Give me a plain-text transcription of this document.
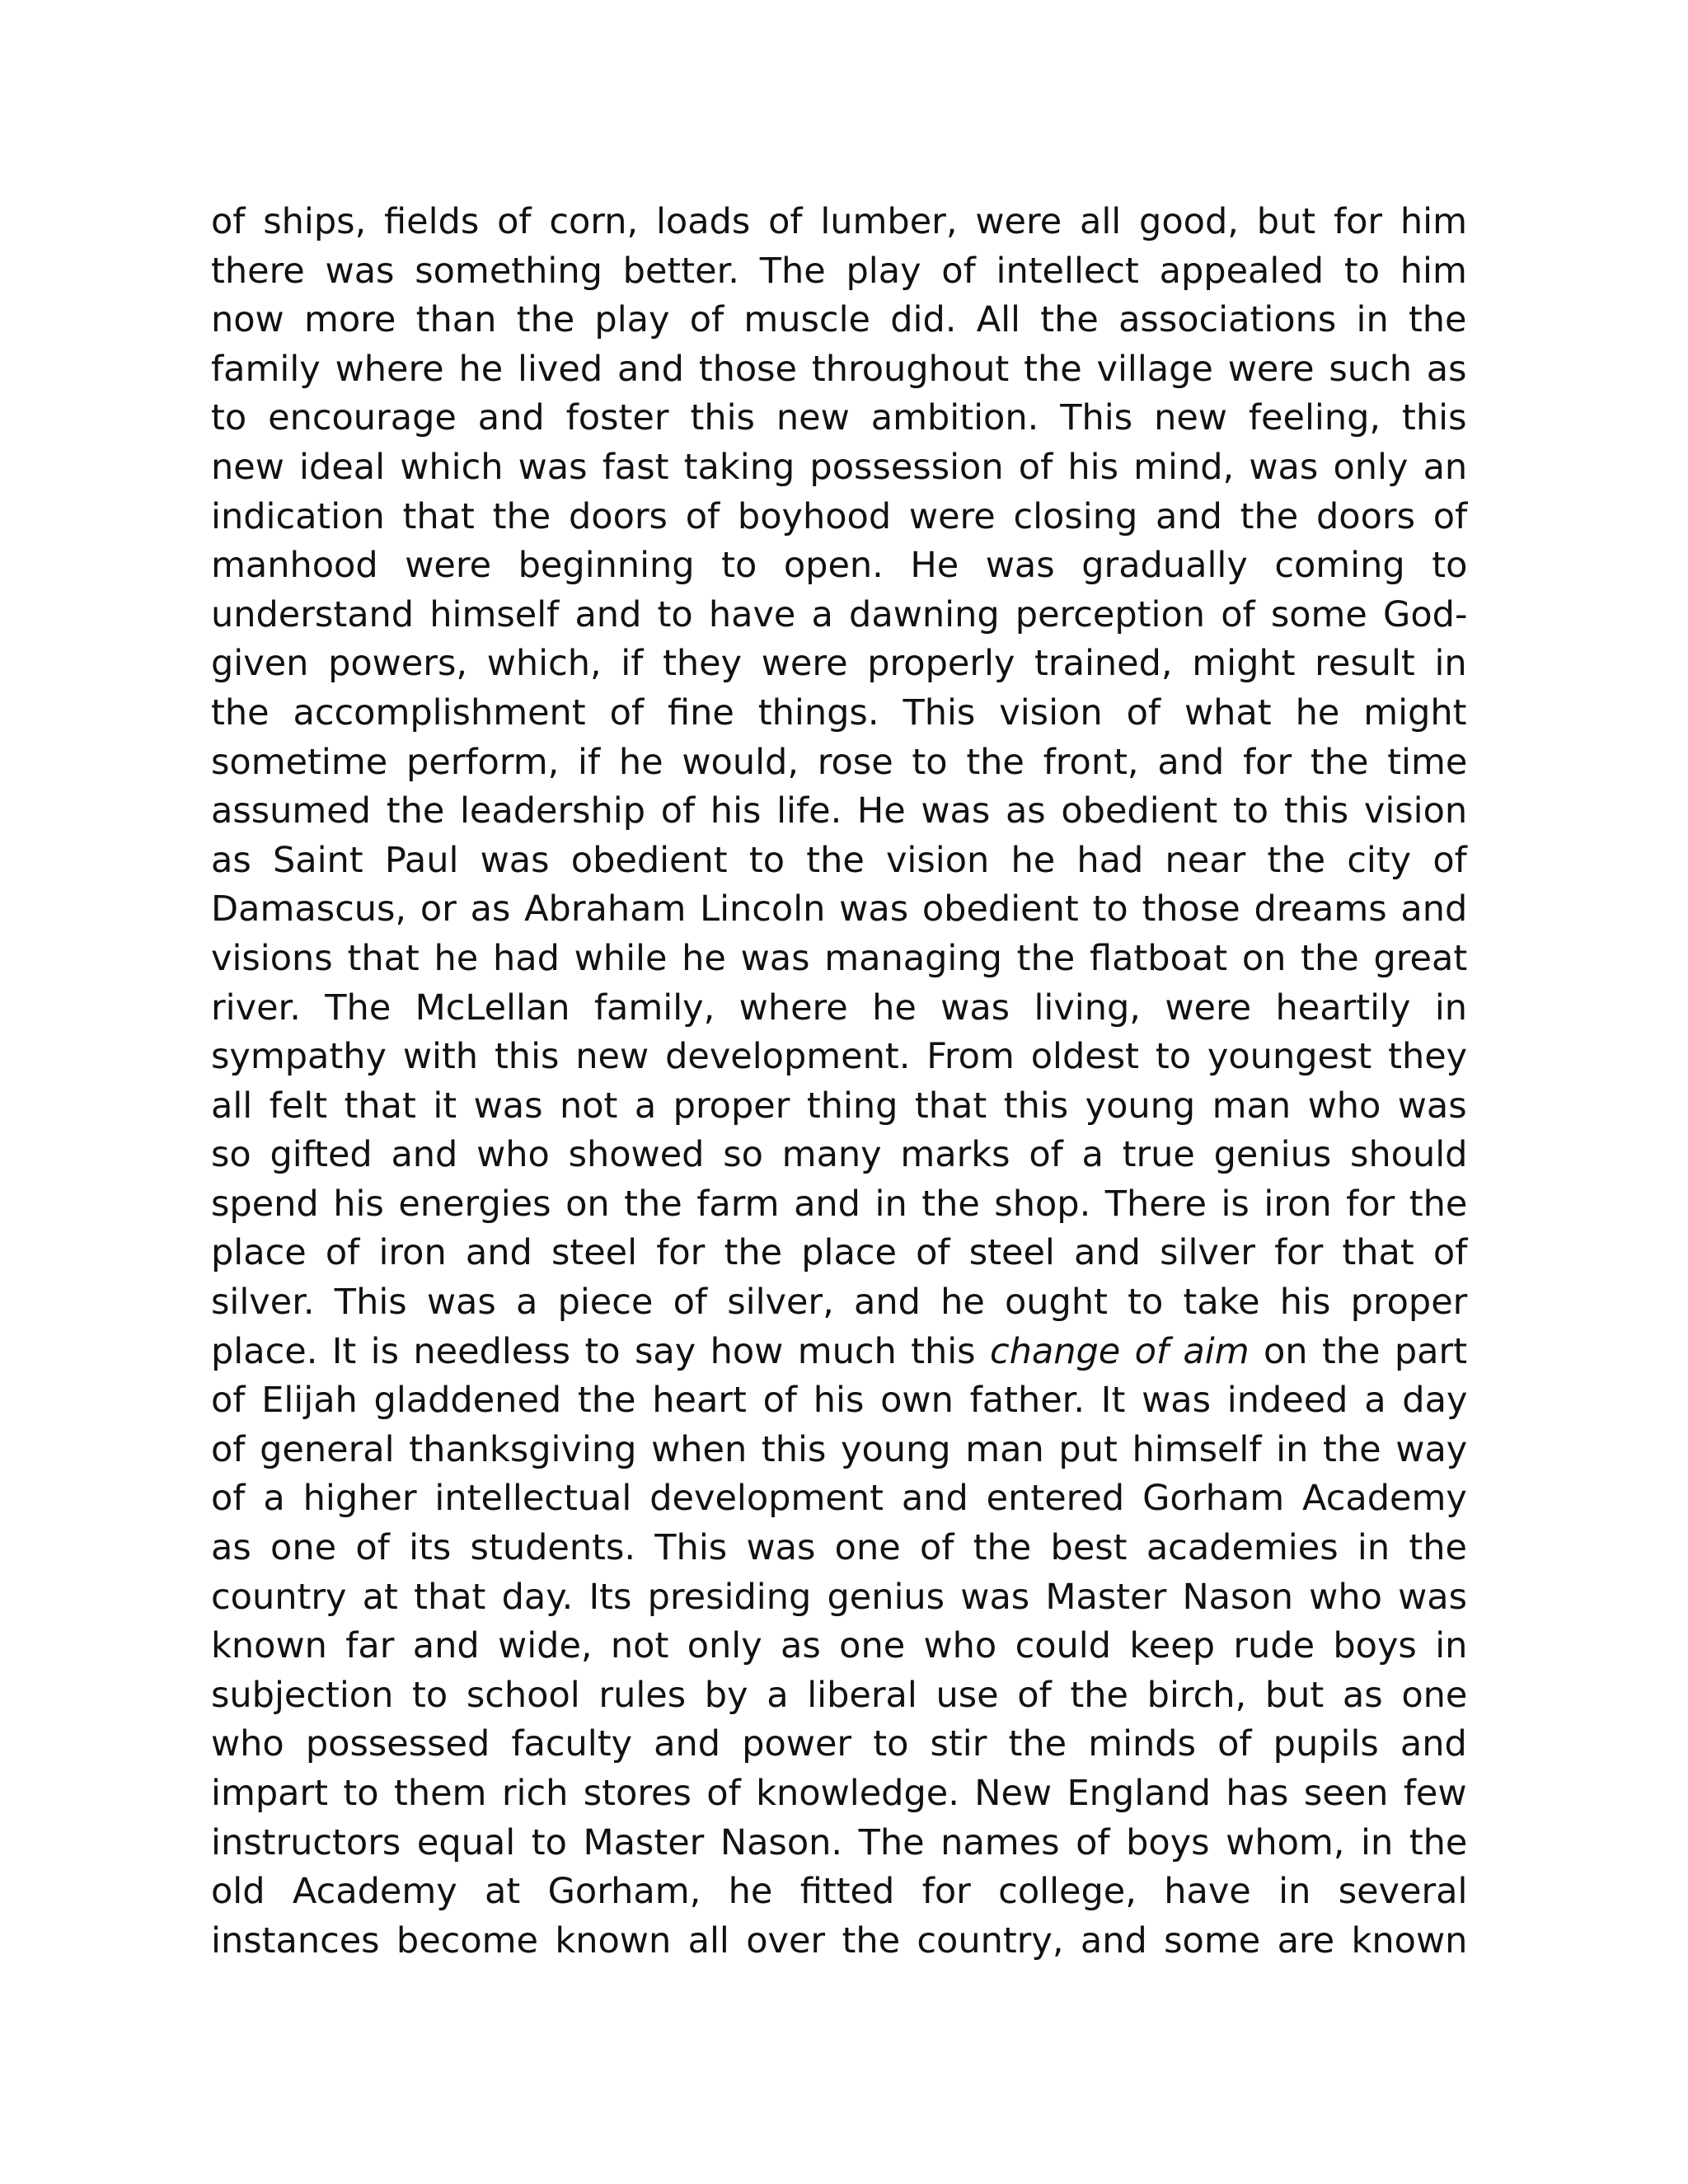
of ships, fields of corn, loads of lumber, were all good, but for him
there was something better. The play of intellect appealed to him
now more than the play of muscle did. All the associations in the
family where he lived and those throughout the village were such as
to encourage and foster this new ambition. This new feeling, this
new ideal which was fast taking possession of his mind, was only an
indication that the doors of boyhood were closing and the doors of
manhood were beginning to open. He was gradually coming to
understand himself and to have a dawning perception of some God-
given powers, which, if they were properly trained, might result in
the accomplishment of fine things. This vision of what he might
sometime perform, if he would, rose to the front, and for the time
assumed the leadership of his life. He was as obedient to this vision
as Saint Paul was obedient to the vision he had near the city of
Damascus, or as Abraham Lincoln was obedient to those dreams and
visions that he had while he was managing the flatboat on the great
river. The McLellan family, where he was living, were heartily in
sympathy with this new development. From oldest to youngest they
all felt that it was not a proper thing that this young man who was
so gifted and who showed so many marks of a true genius should
spend his energies on the farm and in the shop. There is iron for the
place of iron and steel for the place of steel and silver for that of
silver. This was a piece of silver, and he ought to take his proper
place. It is needless to say how much this change of aim on the part
of Elijah gladdened the heart of his own father. It was indeed a day
of general thanksgiving when this young man put himself in the way
of a higher intellectual development and entered Gorham Academy
as one of its students. This was one of the best academies in the
country at that day. Its presiding genius was Master Nason who was
known far and wide, not only as one who could keep rude boys in
subjection to school rules by a liberal use of the birch, but as one
who possessed faculty and power to stir the minds of pupils and
impart to them rich stores of knowledge. New England has seen few
instructors equal to Master Nason. The names of boys whom, in the
old Academy at Gorham, he fitted for college, have in several
instances become known all over the country, and some are known
